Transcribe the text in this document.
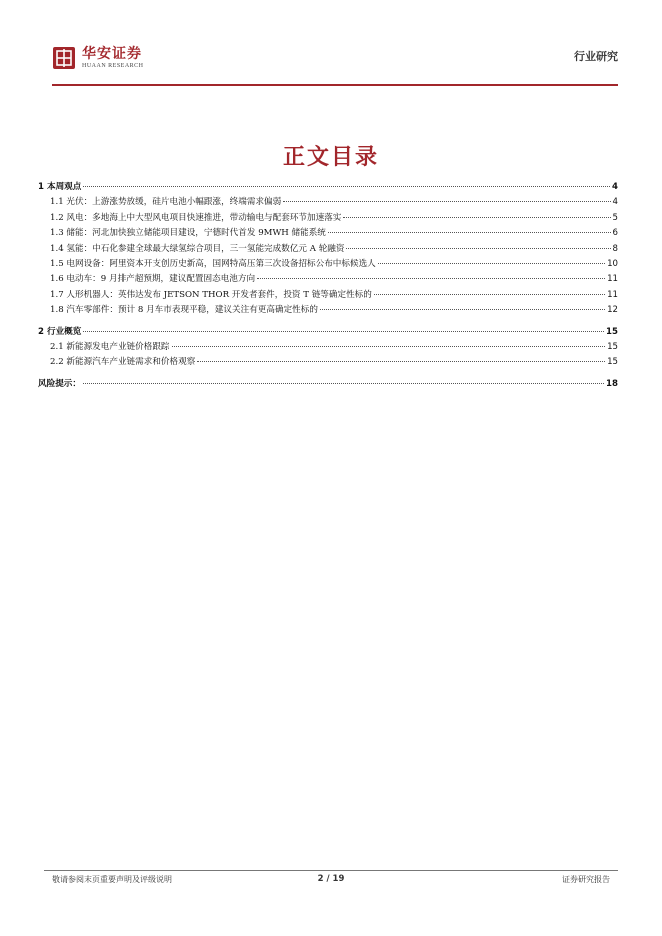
华安证券
HUAAN RESEARCH
行业研究
正文目录
1 本周观点	4
1.1 光伏：上游涨势放缓，硅片电池小幅跟涨，终端需求偏弱	4
1.2 风电：多地海上中大型风电项目快速推进，带动输电与配套环节加速落实	5
1.3 储能：河北加快独立储能项目建设，宁德时代首发 9MWH 储能系统	6
1.4 氢能：中石化参建全球最大绿氢综合项目，三一氢能完成数亿元 A 轮融资	8
1.5 电网设备：阿里资本开支创历史新高，国网特高压第三次设备招标公布中标候选人	10
1.6 电动车：9 月排产超预期，建议配置固态电池方向	11
1.7 人形机器人：英伟达发布 JETSON THOR 开发者套件，投资 T 链等确定性标的	11
1.8 汽车零部件：预计 8 月车市表现平稳，建议关注有更高确定性标的	12
2 行业概览	15
2.1 新能源发电产业链价格跟踪	15
2.2 新能源汽车产业链需求和价格观察	15
风险提示：	18
敬请参阅末页重要声明及评级说明	2 / 19	证券研究报告
